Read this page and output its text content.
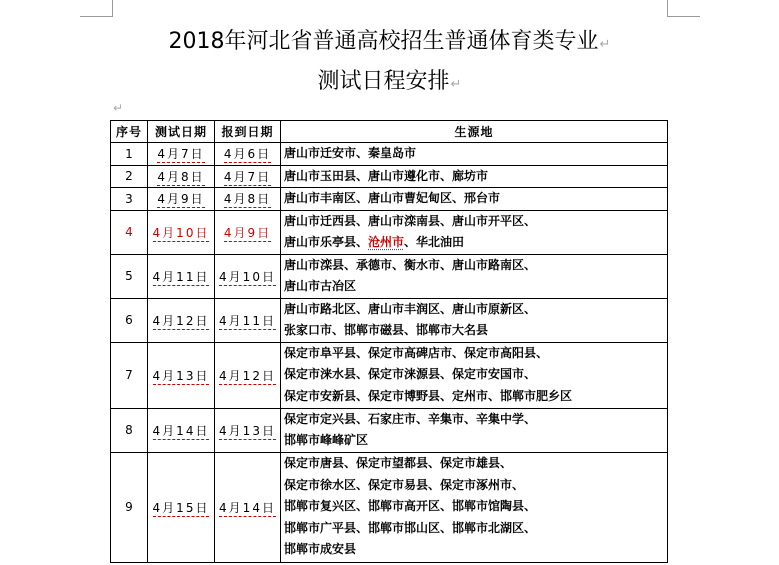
2018年河北省普通高校招生普通体育类专业↵
测试日程安排↵
↵
序号	测试日期	报到日期	生源地
1	4月7日	4月6日	唐山市迁安市、秦皇岛市

2	4月8日	4月7日	唐山市玉田县、唐山市遵化市、廊坊市

3	4月9日	4月8日	唐山市丰南区、唐山市曹妃甸区、邢台市

4	4月10日	4月9日	唐山市迁西县、唐山市滦南县、唐山市开平区、
唐山市乐亭县、沧州市、华北油田

5	4月11日	4月10日	唐山市滦县、承德市、衡水市、唐山市路南区、
唐山市古冶区

6	4月12日	4月11日	唐山市路北区、唐山市丰润区、唐山市原新区、
张家口市、邯郸市磁县、邯郸市大名县

7	4月13日	4月12日	保定市阜平县、保定市高碑店市、保定市高阳县、
保定市涞水县、保定市涞源县、保定市安国市、
保定市安新县、保定市博野县、定州市、邯郸市肥乡区

8	4月14日	4月13日	保定市定兴县、石家庄市、辛集市、辛集中学、
邯郸市峰峰矿区

9	4月15日	4月14日	保定市唐县、保定市望都县、保定市雄县、
保定市徐水区、保定市易县、保定市涿州市、
邯郸市复兴区、邯郸市高开区、邯郸市馆陶县、
邯郸市广平县、邯郸市邯山区、邯郸市北湖区、
邯郸市成安县
